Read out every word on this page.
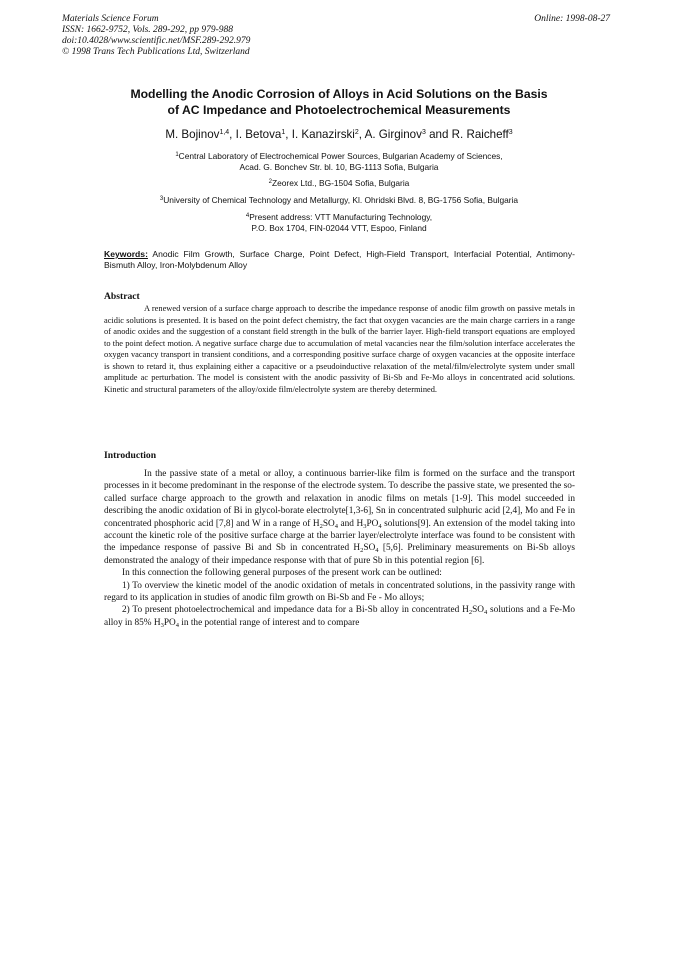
Materials Science Forum
ISSN: 1662-9752, Vols. 289-292, pp 979-988
doi:10.4028/www.scientific.net/MSF.289-292.979
© 1998 Trans Tech Publications Ltd, Switzerland
Online: 1998-08-27
Modelling the Anodic Corrosion of Alloys in Acid Solutions on the Basis
of AC Impedance and Photoelectrochemical Measurements
M. Bojinov$^{1,4}$, I. Betova$^1$, I. Kanazirski$^2$, A. Girginov$^3$ and R. Raicheff$^3$
$^1$Central Laboratory of Electrochemical Power Sources, Bulgarian Academy of Sciences,
Acad. G. Bonchev Str. bl. 10, BG-1113 Sofia, Bulgaria
$^2$Zeorex Ltd., BG-1504 Sofia, Bulgaria
$^3$University of Chemical Technology and Metallurgy, Kl. Ohridski Blvd. 8, BG-1756 Sofia, Bulgaria
$^4$Present address: VTT Manufacturing Technology,
P.O. Box 1704, FIN-02044 VTT, Espoo, Finland
Keywords: Anodic Film Growth, Surface Charge, Point Defect, High-Field Transport, Interfacial Potential, Antimony-Bismuth Alloy, Iron-Molybdenum Alloy
Abstract
A renewed version of a surface charge approach to describe the impedance response of anodic film growth on passive metals in acidic solutions is presented. It is based on the point defect chemistry, the fact that oxygen vacancies are the main charge carriers in a range of anodic oxides and the suggestion of a constant field strength in the bulk of the barrier layer. High-field transport equations are employed to the point defect motion. A negative surface charge due to accumulation of metal vacancies near the film/solution interface accelerates the oxygen vacancy transport in transient conditions, and a corresponding positive surface charge of oxygen vacancies at the opposite interface is shown to retard it, thus explaining either a capacitive or a pseudoinductive relaxation of the metal/film/electrolyte system under small amplitude ac perturbation. The model is consistent with the anodic passivity of Bi-Sb and Fe-Mo alloys in concentrated acid solutions. Kinetic and structural parameters of the alloy/oxide film/electrolyte system are thereby determined.
Introduction

In the passive state of a metal or alloy, a continuous barrier-like film is formed on the surface and the transport processes in it become predominant in the response of the electrode system. To describe the passive state, we presented the so-called surface charge approach to the growth and relaxation in anodic films on metals [1-9]. This model succeeded in describing the anodic oxidation of Bi in glycol-borate electrolyte[1,3-6], Sn in concentrated sulphuric acid [2,4], Mo and Fe in concentrated phosphoric acid [7,8] and W in a range of $H_2SO_4$ and $H_3PO_4$ solutions[9]. An extension of the model taking into account the kinetic role of the positive surface charge at the barrier layer/electrolyte interface was found to be consistent with the impedance response of passive Bi and Sb in concentrated $H_2SO_4$ [5,6]. Preliminary measurements on Bi-Sb alloys demonstrated the analogy of their impedance response with that of pure Sb in this potential region [6].

In this connection the following general purposes of the present work can be outlined:

1) To overview the kinetic model of the anodic oxidation of metals in concentrated solutions, in the passivity range with regard to its application in studies of anodic film growth on Bi-Sb and Fe - Mo alloys;

2) To present photoelectrochemical and impedance data for a Bi-Sb alloy in concentrated $H_2SO_4$ solutions and a Fe-Mo alloy in 85% $H_3PO_4$ in the potential range of interest and to compare
